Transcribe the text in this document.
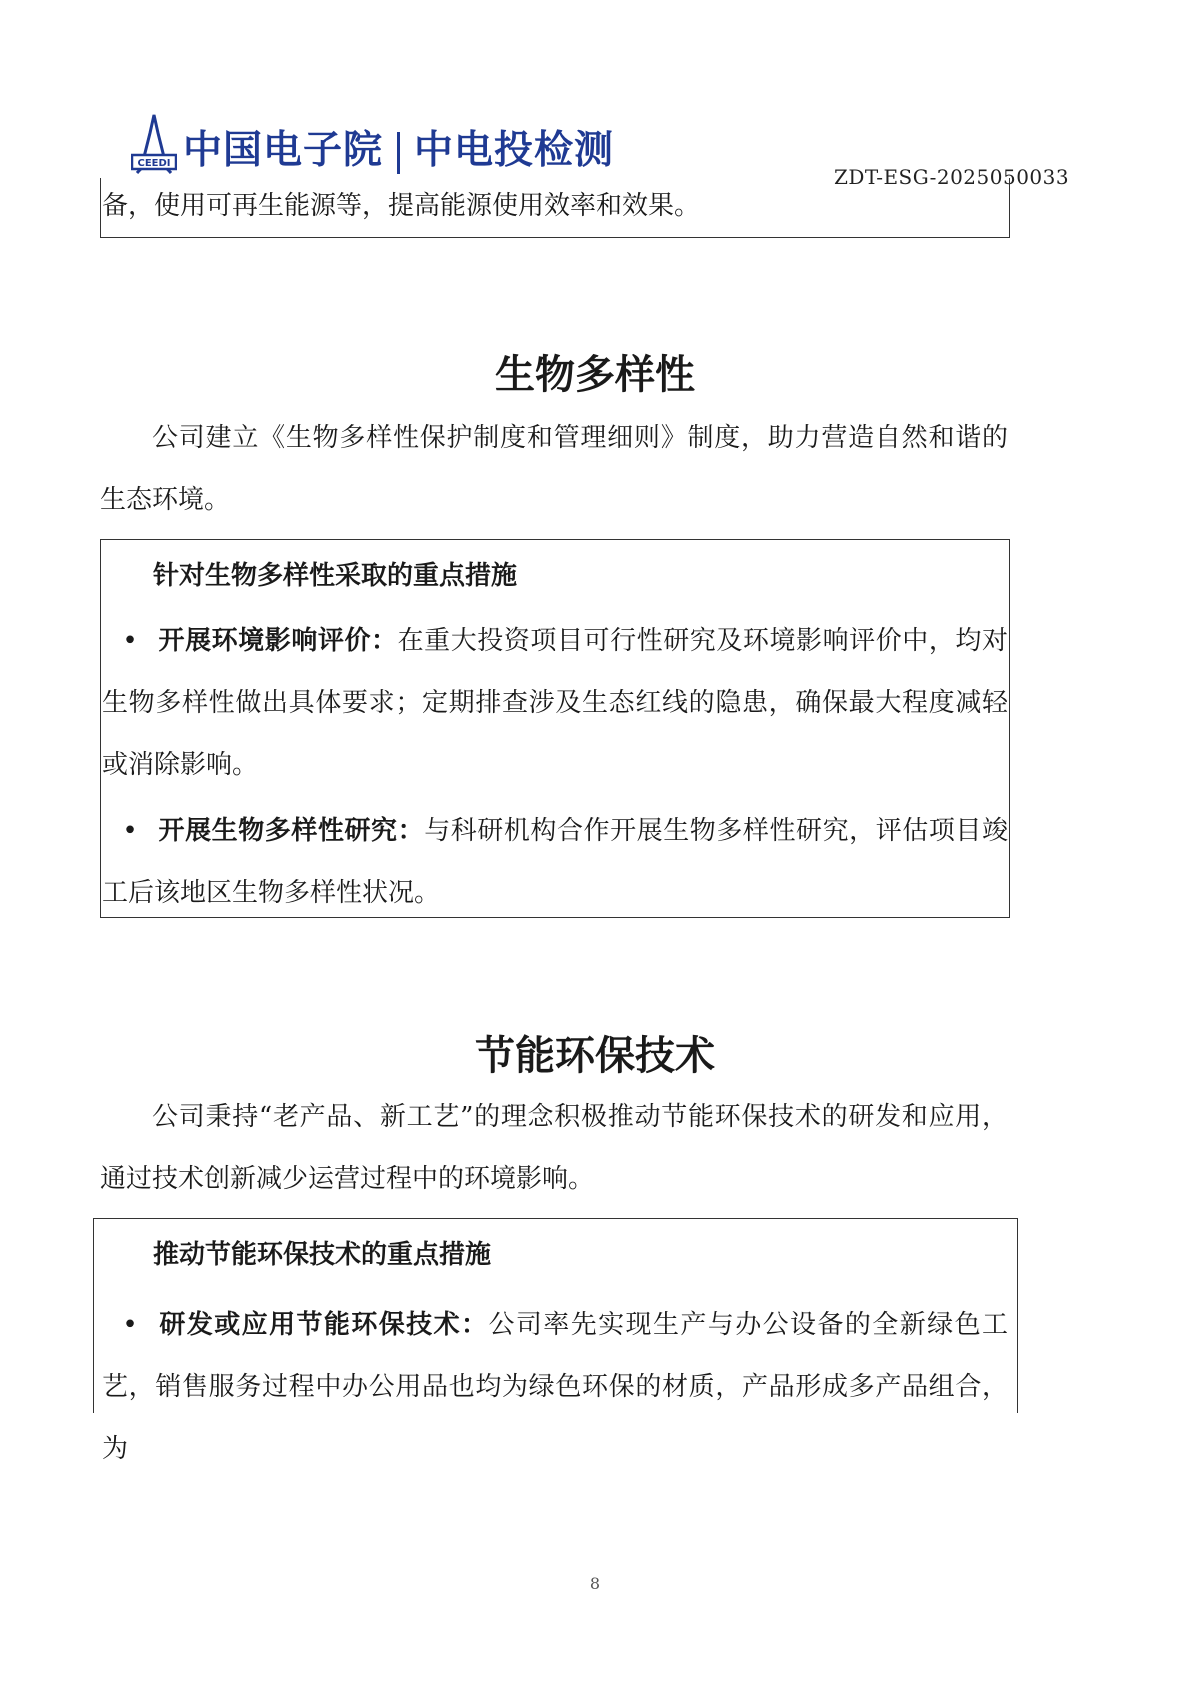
CEEDI 中国电子院 中电投检测
ZDT-ESG-2025050033

备，使用可再生能源等，提高能源使用效率和效果。

生物多样性

公司建立《生物多样性保护制度和管理细则》制度，助力营造自然和谐的生态环境。

针对生物多样性采取的重点措施

• 开展环境影响评价：在重大投资项目可行性研究及环境影响评价中，均对生物多样性做出具体要求；定期排查涉及生态红线的隐患，确保最大程度减轻或消除影响。

• 开展生物多样性研究：与科研机构合作开展生物多样性研究，评估项目竣工后该地区生物多样性状况。

节能环保技术

公司秉持“老产品、新工艺”的理念积极推动节能环保技术的研发和应用，通过技术创新减少运营过程中的环境影响。

推动节能环保技术的重点措施

• 研发或应用节能环保技术：公司率先实现生产与办公设备的全新绿色工艺，销售服务过程中办公用品也均为绿色环保的材质，产品形成多产品组合，为

8
